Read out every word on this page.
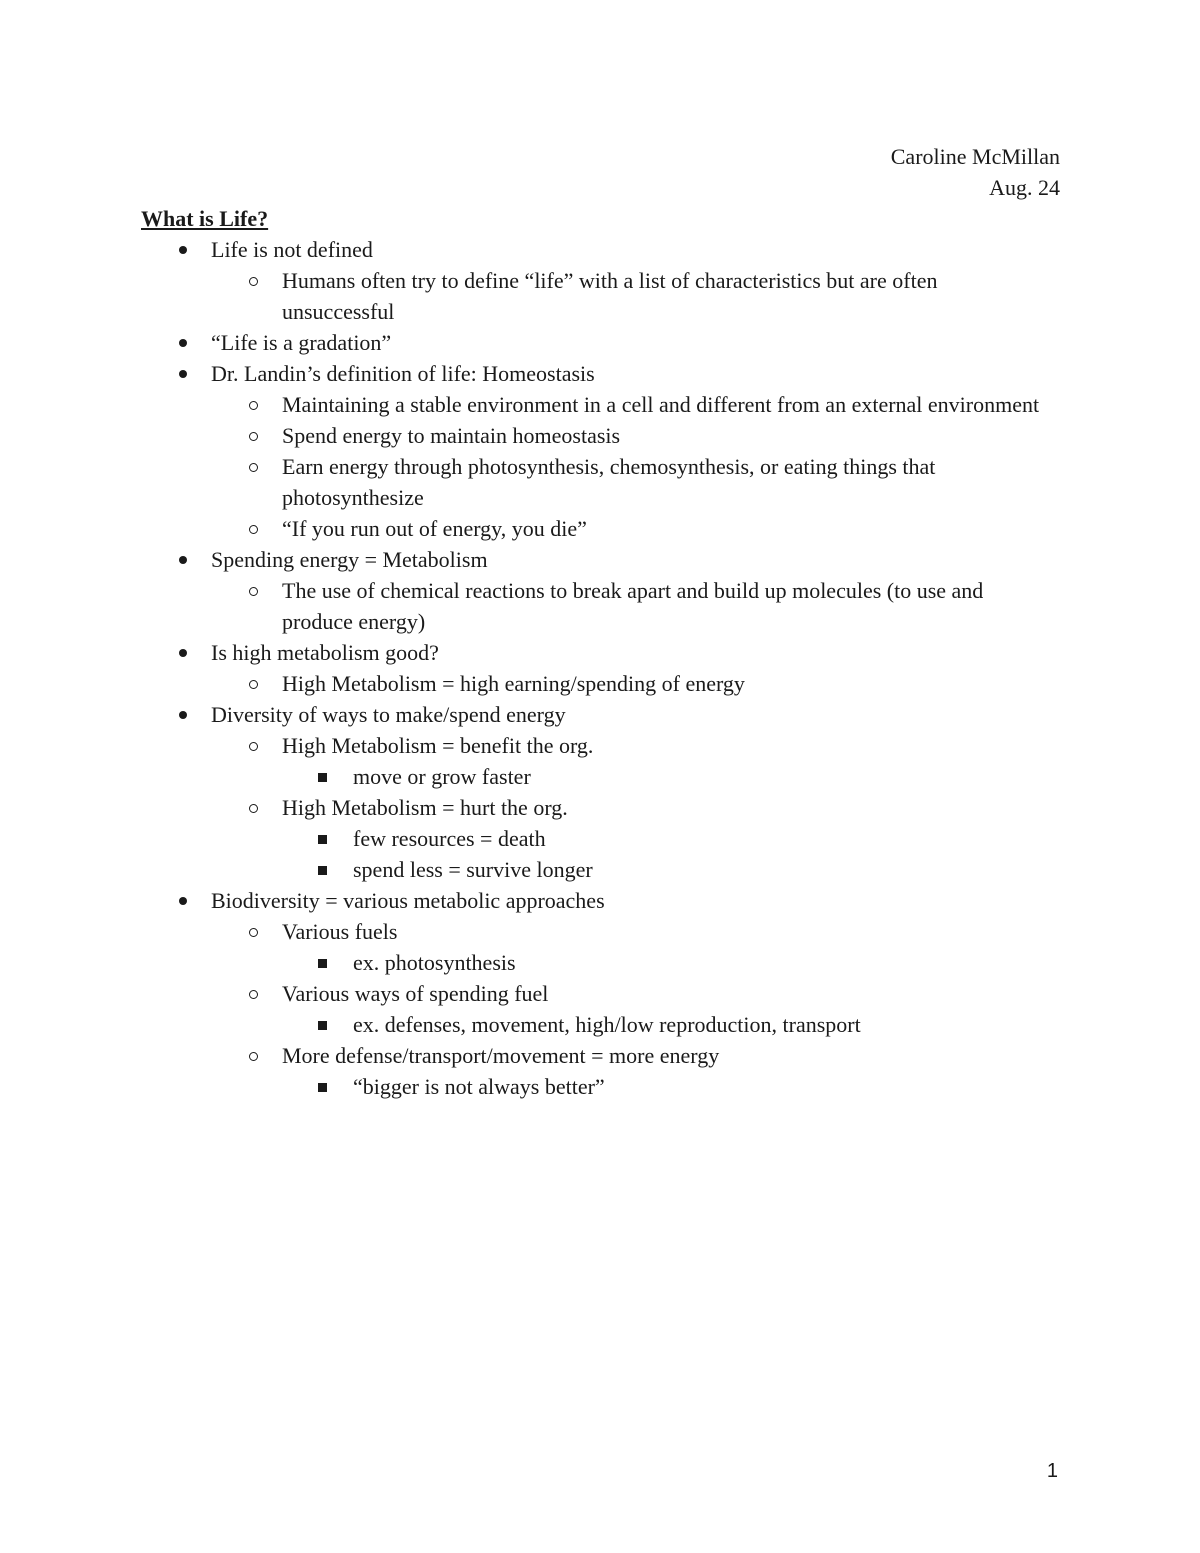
Caroline McMillan
Aug. 24
What is Life?
Life is not defined
Humans often try to define “life” with a list of characteristics but are often unsuccessful
“Life is a gradation”
Dr. Landin’s definition of life: Homeostasis
Maintaining a stable environment in a cell and different from an external environment
Spend energy to maintain homeostasis
Earn energy through photosynthesis, chemosynthesis, or eating things that photosynthesize
“If you run out of energy, you die”
Spending energy = Metabolism
The use of chemical reactions to break apart and build up molecules (to use and produce energy)
Is high metabolism good?
High Metabolism = high earning/spending of energy
Diversity of ways to make/spend energy
High Metabolism = benefit the org.
move or grow faster
High Metabolism = hurt the org.
few resources = death
spend less = survive longer
Biodiversity = various metabolic approaches
Various fuels
ex. photosynthesis
Various ways of spending fuel
ex. defenses, movement, high/low reproduction, transport
More defense/transport/movement = more energy
“bigger is not always better”
1
